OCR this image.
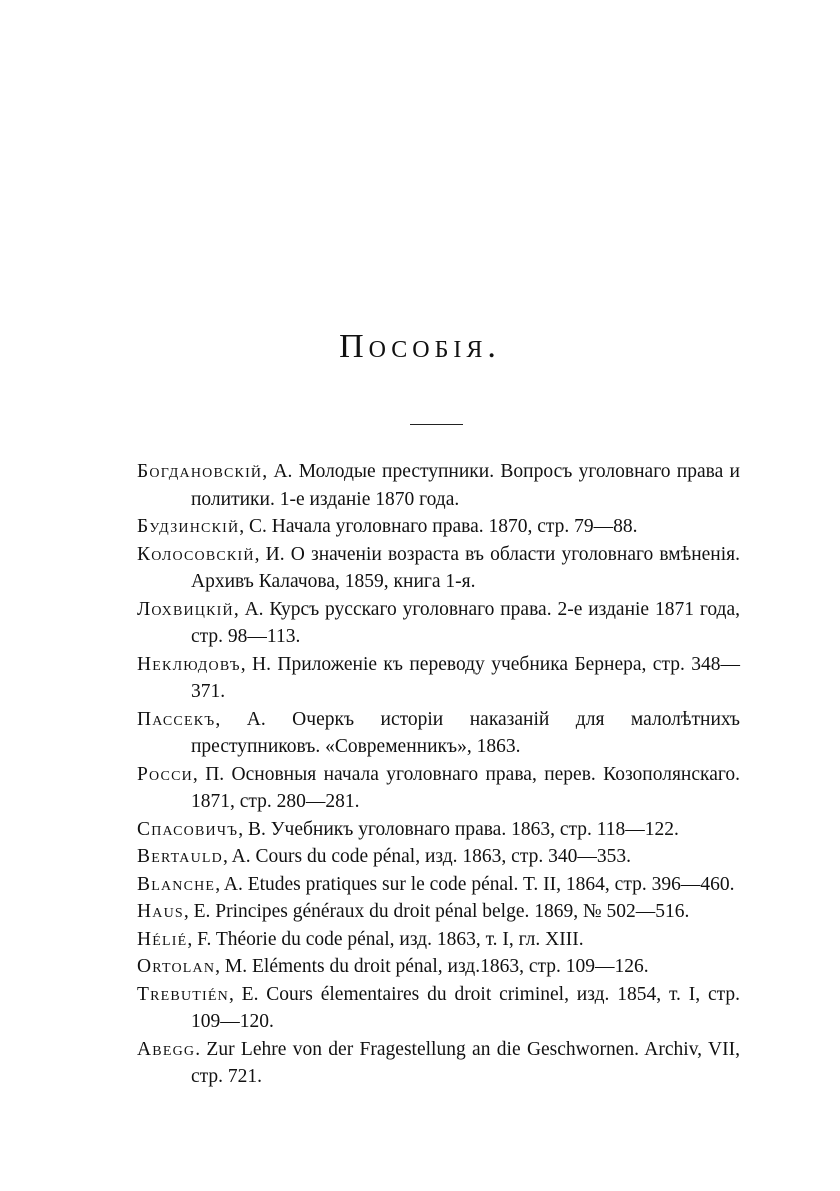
Пособія.

Богдановскій, А. Молодые преступники. Вопросъ уголовнаго права и политики. 1-е изданіе 1870 года.

Будзинскій, С. Начала уголовнаго права. 1870, стр. 79—88.

Колосовскій, И. О значеніи возраста въ области уголовнаго вмѣненія. Архивъ Калачова, 1859, книга 1-я.

Лохвицкій, А. Курсъ русскаго уголовнаго права. 2-е изданіе 1871 года, стр. 98—113.

Неклюдовъ, Н. Приложеніе къ переводу учебника Бернера, стр. 348—371.

Пассекъ, А. Очеркъ исторіи наказаній для малолѣтнихъ преступниковъ. «Современникъ», 1863.

Росси, П. Основныя начала уголовнаго права, перев. Козополянскаго. 1871, стр. 280—281.

Спасовичъ, В. Учебникъ уголовнаго права. 1863, стр. 118—122.

Bertauld, A. Cours du code pénal, изд. 1863, стр. 340—353.

Blanche, A. Etudes pratiques sur le code pénal. T. II, 1864, стр. 396—460.

Haus, E. Principes généraux du droit pénal belge. 1869, № 502—516.

Hélié, F. Théorie du code pénal, изд. 1863, т. I, гл. XIII.

Ortolan, M. Eléments du droit pénal, изд.1863, стр. 109—126.

Trebutién, E. Cours élementaires du droit criminel, изд. 1854, т. I, стр. 109—120.

Abegg. Zur Lehre von der Fragestellung an die Geschwornen. Archiv, VII, стр. 721.
